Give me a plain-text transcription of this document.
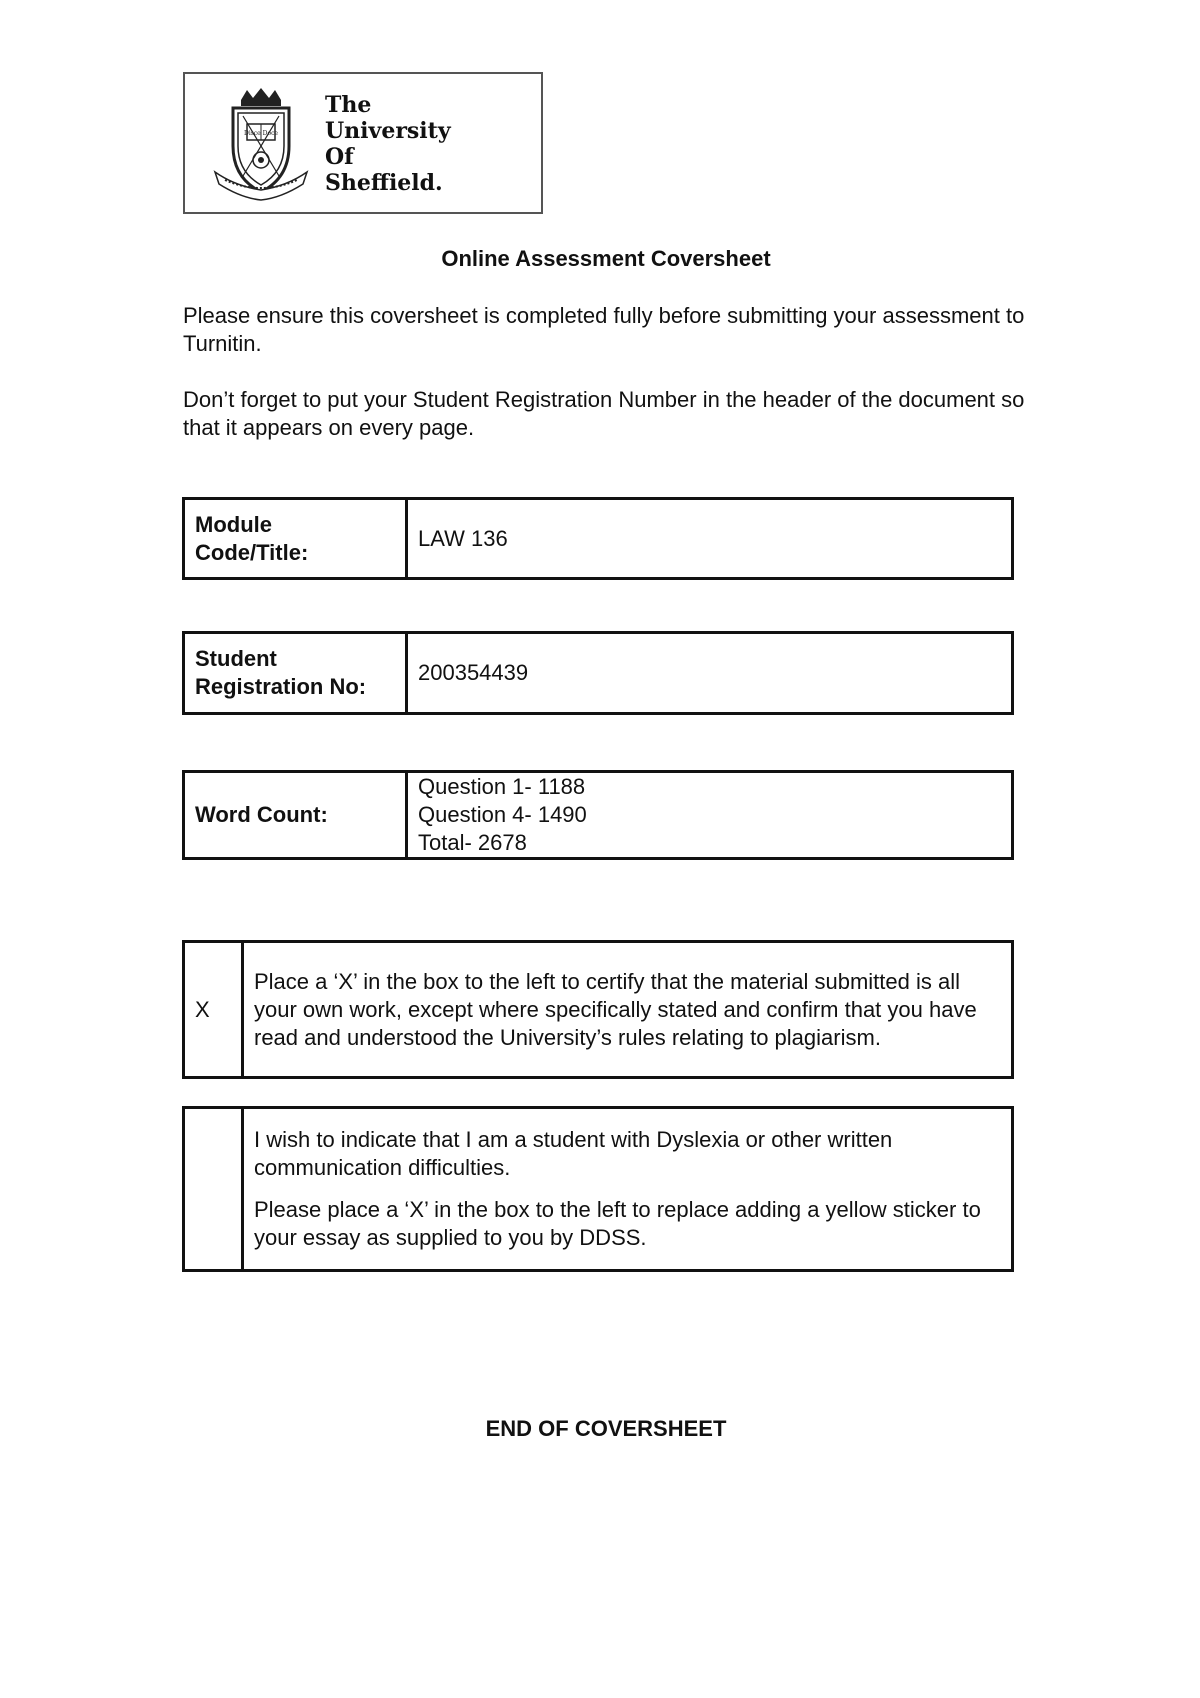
Disce Doce
The
University
Of
Sheffield.
Online Assessment Coversheet
Please ensure this coversheet is completed fully before submitting your assessment to Turnitin.
Don’t forget to put your Student Registration Number in the header of the document so that it appears on every page.
Module
Code/Title:	LAW 136
Student
Registration No:	200354439
Word Count:	
Question 1- 1188
Question 4- 1490
Total- 2678
X	Place a ‘X’ in the box to the left to certify that the material submitted is all your own work, except where specifically stated and confirm that you have read and understood the University’s rules relating to plagiarism.

I wish to indicate that I am a student with Dyslexia or other written communication difficulties.

Please place a ‘X’ in the box to the left to replace adding a yellow sticker to your essay as supplied to you by DDSS.

END OF COVERSHEET
